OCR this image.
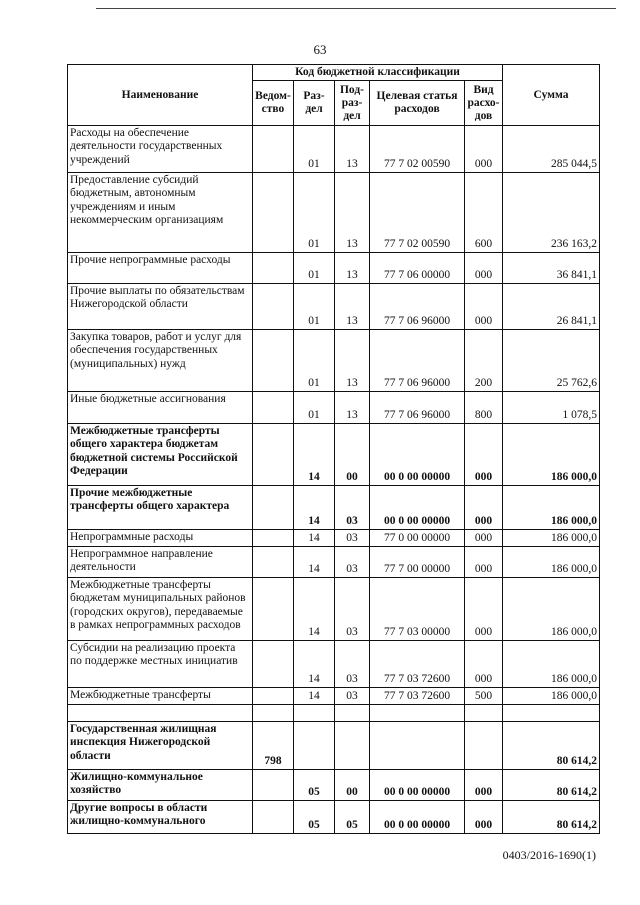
63
Наименование	Код бюджетной классификации					Сумма
	Ведом-ство	Раз-дел	Под-раз-дел	Целевая статья расходов	Вид расхо-дов	
Расходы на обеспечение деятельности государственных учреждений		01	13	77 7 02 00590	000	285 044,5
Предоставление субсидий бюджетным, автономным учреждениям и иным некоммерческим организациям		01	13	77 7 02 00590	600	236 163,2
Прочие непрограммные расходы		01	13	77 7 06 00000	000	36 841,1
Прочие выплаты по обязательствам Нижегородской области		01	13	77 7 06 96000	000	26 841,1
Закупка товаров, работ и услуг для обеспечения государственных (муниципальных) нужд		01	13	77 7 06 96000	200	25 762,6
Иные бюджетные ассигнования		01	13	77 7 06 96000	800	1 078,5
Межбюджетные трансферты общего характера бюджетам бюджетной системы Российской Федерации		14	00	00 0 00 00000	000	186 000,0
Прочие межбюджетные трансферты общего характера		14	03	00 0 00 00000	000	186 000,0
Непрограммные расходы		14	03	77 0 00 00000	000	186 000,0
Непрограммное направление деятельности		14	03	77 7 00 00000	000	186 000,0
Межбюджетные трансферты бюджетам муниципальных районов (городских округов), передаваемые в рамках непрограммных расходов		14	03	77 7 03 00000	000	186 000,0
Субсидии на реализацию проекта по поддержке местных инициатив		14	03	77 7 03 72600	000	186 000,0
Межбюджетные трансферты		14	03	77 7 03 72600	500	186 000,0

Государственная жилищная инспекция Нижегородской области	798					80 614,2
Жилищно-коммунальное хозяйство		05	00	00 0 00 00000	000	80 614,2
Другие вопросы в области жилищно-коммунального		05	05	00 0 00 00000	000	80 614,2
0403/2016-1690(1)
